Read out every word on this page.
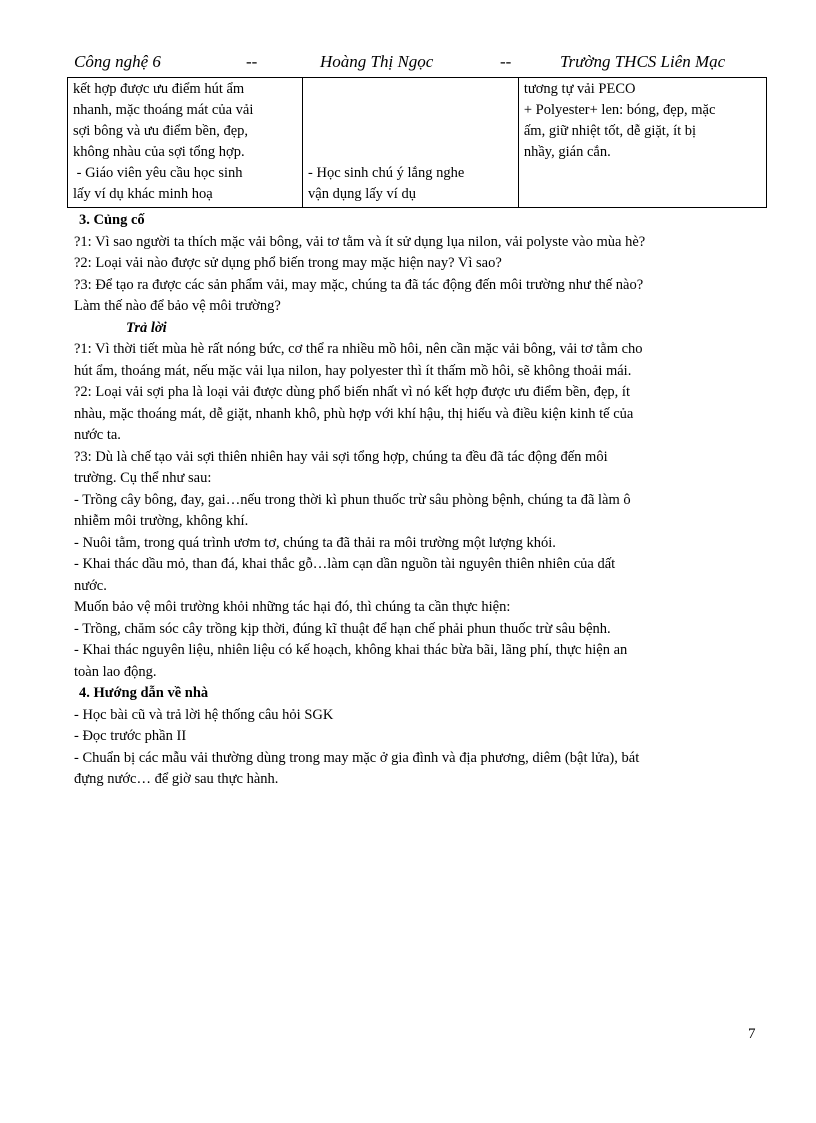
Công nghệ 6	--	Hoàng Thị Ngọc	--	Trường THCS Liên Mạc
kết hợp được ưu điểm hút ẩm
nhanh, mặc thoáng mát của vải
sợi bông và ưu điểm bền, đẹp,
không nhàu của sợi tổng hợp.
- Giáo viên yêu cầu học sinh
lấy ví dụ khác minh hoạ

- Học sinh chú ý lắng nghe
vận dụng lấy ví dụ

tương tự vải PECO
+ Polyester+ len: bóng, đẹp, mặc
ấm, giữ nhiệt tốt, dễ giặt, ít bị
nhầy, gián cắn.
3. Củng cố
?1: Vì sao người ta thích mặc vải bông, vải tơ tằm và ít sử dụng lụa nilon, vải polyste vào mùa hè?
?2: Loại vải nào được sử dụng phổ biến trong may mặc hiện nay? Vì sao?
?3: Để tạo ra được các sản phẩm vải, may mặc, chúng ta đã tác động đến môi trường như thế nào?
Làm thế nào để bảo vệ môi trường?
Trả lời
?1: Vì thời tiết mùa hè rất nóng bức, cơ thể ra nhiều mồ hôi, nên cần mặc vải bông, vải tơ tằm cho
hút ẩm, thoáng mát, nếu mặc vải lụa nilon, hay polyester thì ít thấm mồ hôi, sẽ không thoải mái.
?2: Loại vải sợi pha là loại vải được dùng phổ biến nhất vì nó kết hợp được ưu điểm bền, đẹp, ít
nhàu, mặc thoáng mát, dễ giặt, nhanh khô, phù hợp với khí hậu, thị hiếu và điều kiện kinh tế của
nước ta.
?3: Dù là chế tạo vải sợi thiên nhiên hay vải sợi tổng hợp, chúng ta đều đã tác động đến môi
trường. Cụ thể như sau:
- Trồng cây bông, đay, gai…nếu trong thời kì phun thuốc trừ sâu phòng bệnh, chúng ta đã làm ô
nhiễm môi trường, không khí.
- Nuôi tằm, trong quá trình ươm tơ, chúng ta đã thải ra môi trường một lượng khói.
- Khai thác dầu mỏ, than đá, khai thắc gỗ…làm cạn dần nguồn tài nguyên thiên nhiên của dất
nước.
Muốn bảo vệ môi trường khỏi những tác hại đó, thì chúng ta cần thực hiện:
- Trồng, chăm sóc cây trồng kịp thời, đúng kĩ thuật để hạn chế phải phun thuốc trừ sâu bệnh.
- Khai thác nguyên liệu, nhiên liệu có kế hoạch, không khai thác bừa bãi, lãng phí, thực hiện an
toàn lao động.
4. Hướng dẫn về nhà
- Học bài cũ và trả lời hệ thống câu hỏi SGK
- Đọc trước phần II
- Chuẩn bị các mẫu vải thường dùng trong may mặc ở gia đình và địa phương, diêm (bật lửa), bát
đựng nước… để giờ sau thực hành.
7
